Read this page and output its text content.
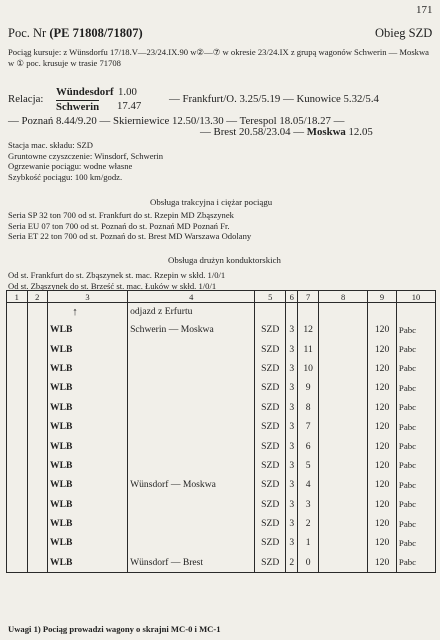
171
Poc. Nr (PE 71808/71807)	Obieg SZD
Pociąg kursuje: z Wünsdorfu 17/18.V—23/24.IX.90 w②—⑦ w okresie 23/24.IX z grupą wagonów Schwerin — Moskwa w ① poc. krusuje w trasie 71708
Relacja:
Wündesdorf 1.00
Schwerin 17.47
— Frankfurt/O. 3.25/5.19 — Kunowice 5.32/5.4
— Poznań 8.44/9.20 — Skierniewice 12.50/13.30 — Terespol 18.05/18.27 —
— Brest 20.58/23.04 — Moskwa 12.05
Stacja mac. składu: SZD
Gruntowne czyszczenie: Winsdorf, Schwerin
Ogrzewanie pociągu: wodne własne
Szybkość pociągu: 100 km/godz.
Obsługa trakcyjna i ciężar pociągu
Seria SP 32 ton 700 od st. Frankfurt do st. Rzepin MD Zbąszynek
Seria EU 07 ton 700 od st. Poznań do st. Poznań MD Poznań Fr.
Seria ET 22 ton 700 od st. Poznań do st. Brest MD Warszawa Odolany
Obsługa drużyn konduktorskich
Od st. Frankfurt do st. Zbąszynek st. mac. Rzepin w skłd. 1/0/1
Od st. Zbąszynek do st. Brześć st. mac. Łuków w skłd. 1/0/1
1	2	3	4	5	6	7	8	9	10
		↑	odjazd z Erfurtu						
		WLB	Schwerin — Moskwa	SZD	3	12		120	Pabc
		WLB		SZD	3	11		120	Pabc
		WLB		SZD	3	10		120	Pabc
		WLB		SZD	3	9		120	Pabc
		WLB		SZD	3	8		120	Pabc
		WLB		SZD	3	7		120	Pabc
		WLB		SZD	3	6		120	Pabc
		WLB		SZD	3	5		120	Pabc
		WLB	Wünsdorf — Moskwa	SZD	3	4		120	Pabc
		WLB		SZD	3	3		120	Pabc
		WLB		SZD	3	2		120	Pabc
		WLB		SZD	3	1		120	Pabc
		WLB	Wünsdorf — Brest	SZD	2	0		120	Pabc
Uwagi 1) Pociąg prowadzi wagony o skrajni MC-0 i MC-1
